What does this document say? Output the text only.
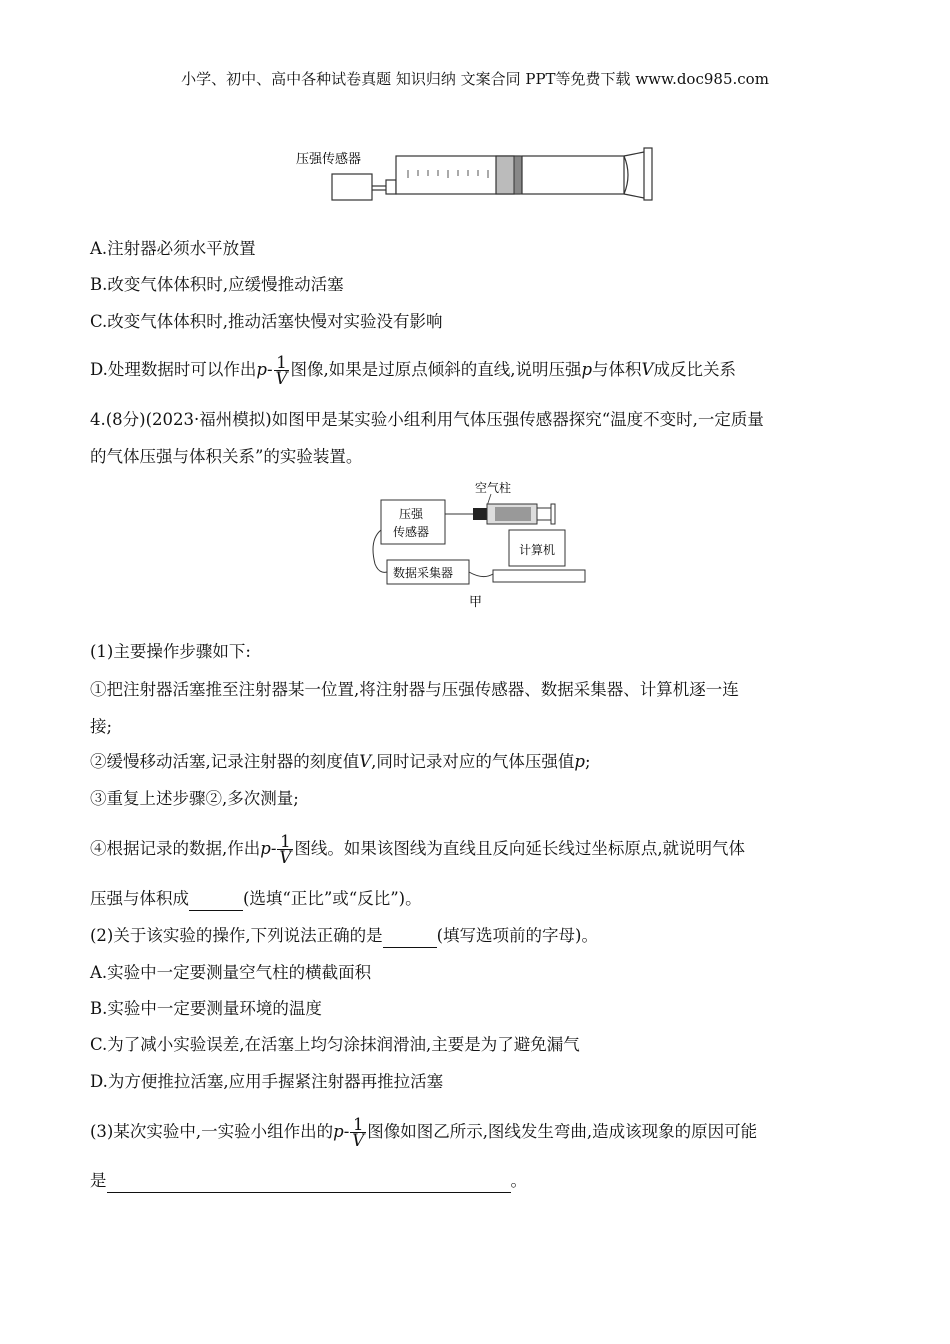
小学、初中、高中各种试卷真题 知识归纳 文案合同 PPT等免费下载 www.doc985.com
压强传感器
A.注射器必须水平放置
B.改变气体体积时,应缓慢推动活塞
C.改变气体体积时,推动活塞快慢对实验没有影响
D.处理数据时可以作出$p- \frac{1}{V}$ 图像,如果是过原点倾斜的直线,说明压强p与体积V成反比关系
4.(8分)(2023·福州模拟)如图甲是某实验小组利用气体压强传感器探究“温度不变时,一定质量
的气体压强与体积关系”的实验装置。
空气柱
压强
传感器
计算机
数据采集器
甲
(1)主要操作步骤如下:
①把注射器活塞推至注射器某一位置,将注射器与压强传感器、数据采集器、计算机逐一连
接;
②缓慢移动活塞,记录注射器的刻度值V,同时记录对应的气体压强值p;
③重复上述步骤②,多次测量;
④根据记录的数据,作出$p- \frac{1}{V}$ 图线。如果该图线为直线且反向延长线过坐标原点,就说明气体
压强与体积成	(选填“正比”或“反比”)。
(2)关于该实验的操作,下列说法正确的是	(填写选项前的字母)。
A.实验中一定要测量空气柱的横截面积
B.实验中一定要测量环境的温度
C.为了减小实验误差,在活塞上均匀涂抹润滑油,主要是为了避免漏气
D.为方便推拉活塞,应用手握紧注射器再推拉活塞
(3)某次实验中,一实验小组作出的$p- \frac{1}{V}$ 图像如图乙所示,图线发生弯曲,造成该现象的原因可能
是	。
